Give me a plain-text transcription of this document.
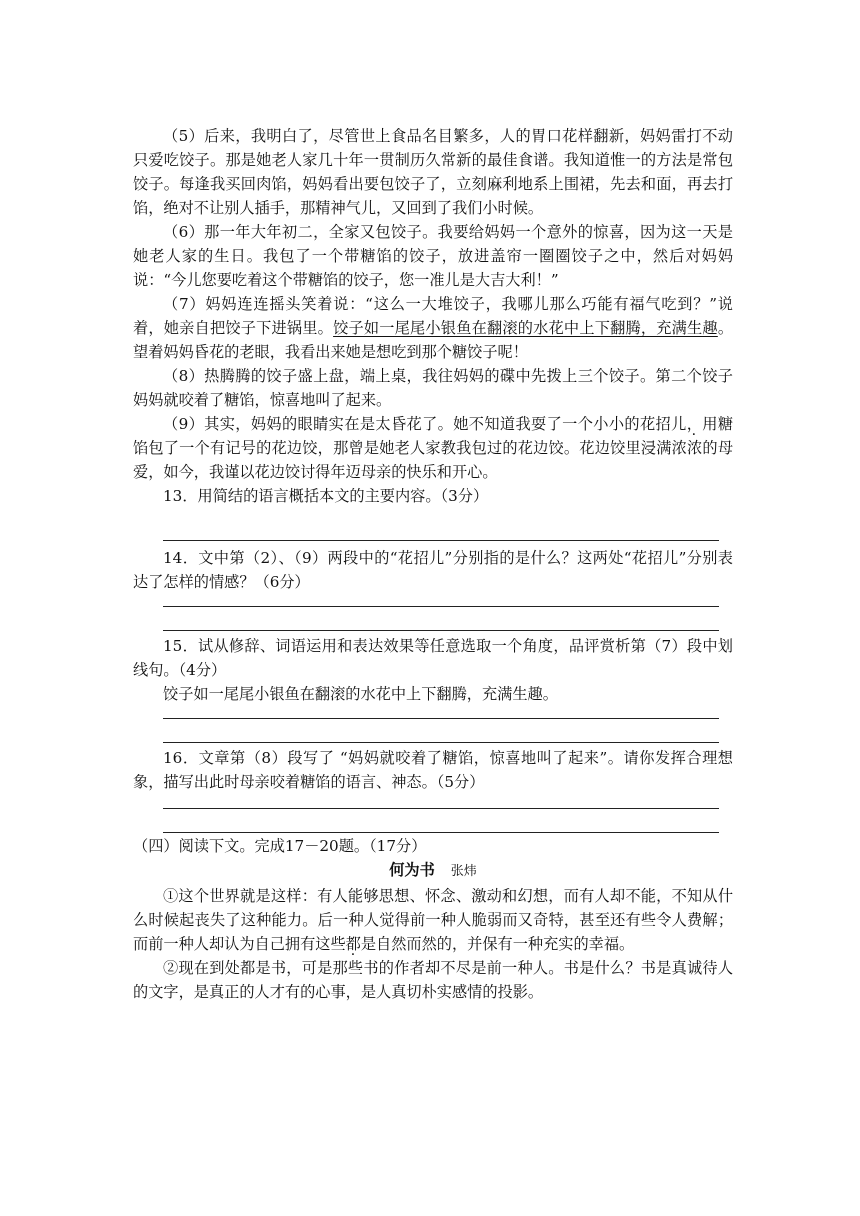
（5）后来，我明白了，尽管世上食品名目繁多，人的胃口花样翻新，妈妈雷打不动只爱吃饺子。那是她老人家几十年一贯制历久常新的最佳食谱。我知道惟一的方法是常包饺子。每逢我买回肉馅，妈妈看出要包饺子了，立刻麻利地系上围裙，先去和面，再去打馅，绝对不让别人插手，那精神气儿，又回到了我们小时候。

（6）那一年大年初二，全家又包饺子。我要给妈妈一个意外的惊喜，因为这一天是她老人家的生日。我包了一个带糖馅的饺子，放进盖帘一圈圈饺子之中，然后对妈妈说：“今儿您要吃着这个带糖馅的饺子，您一准儿是大吉大利！”

（7）妈妈连连摇头笑着说：“这么一大堆饺子，我哪儿那么巧能有福气吃到？”说着，她亲自把饺子下进锅里。饺子如一尾尾小银鱼在翻滚的水花中上下翻腾，充满生趣。望着妈妈昏花的老眼，我看出来她是想吃到那个糖饺子呢！

（8）热腾腾的饺子盛上盘，端上桌，我往妈妈的碟中先拨上三个饺子。第二个饺子妈妈就咬着了糖馅，惊喜地叫了起来。

（9）其实，妈妈的眼睛实在是太昏花了。她不知道我耍了一个小小的花招儿，用糖馅包了一个有记号的花边饺，那曾是她老人家教我包过的花边饺。花边饺里浸满浓浓的母爱，如今，我谨以花边饺讨得年迈母亲的快乐和开心。

13．用简结的语言概括本文的主要内容。（3分）

14．文中第（2）、（9）两段中的“花招儿”分别指的是什么？这两处“花招儿”分别表达了怎样的情感？（6分）

15．试从修辞、词语运用和表达效果等任意选取一个角度，品评赏析第（7）段中划线句。（4分）

饺子如一尾尾小银鱼在翻滚的水花中上下翻腾，充满生趣。

16．文章第（8）段写了 “妈妈就咬着了糖馅，惊喜地叫了起来”。请你发挥合理想象，描写出此时母亲咬着糖馅的语言、神态。（5分）

（四）阅读下文。完成17－20题。（17分）

何为书 张炜

①这个世界就是这样：有人能够思想、怀念、激动和幻想，而有人却不能，不知从什么时候起丧失了这种能力。后一种人觉得前一种人脆弱而又奇特，甚至还有些令人费解；而前一种人却认为自己拥有这些都是自然而然的，并保有一种充实的幸福。

②现在到处都是书，可是那些书的作者却不尽是前一种人。书是什么？书是真诚待人的文字，是真正的人才有的心事，是人真切朴实感情的投影。
